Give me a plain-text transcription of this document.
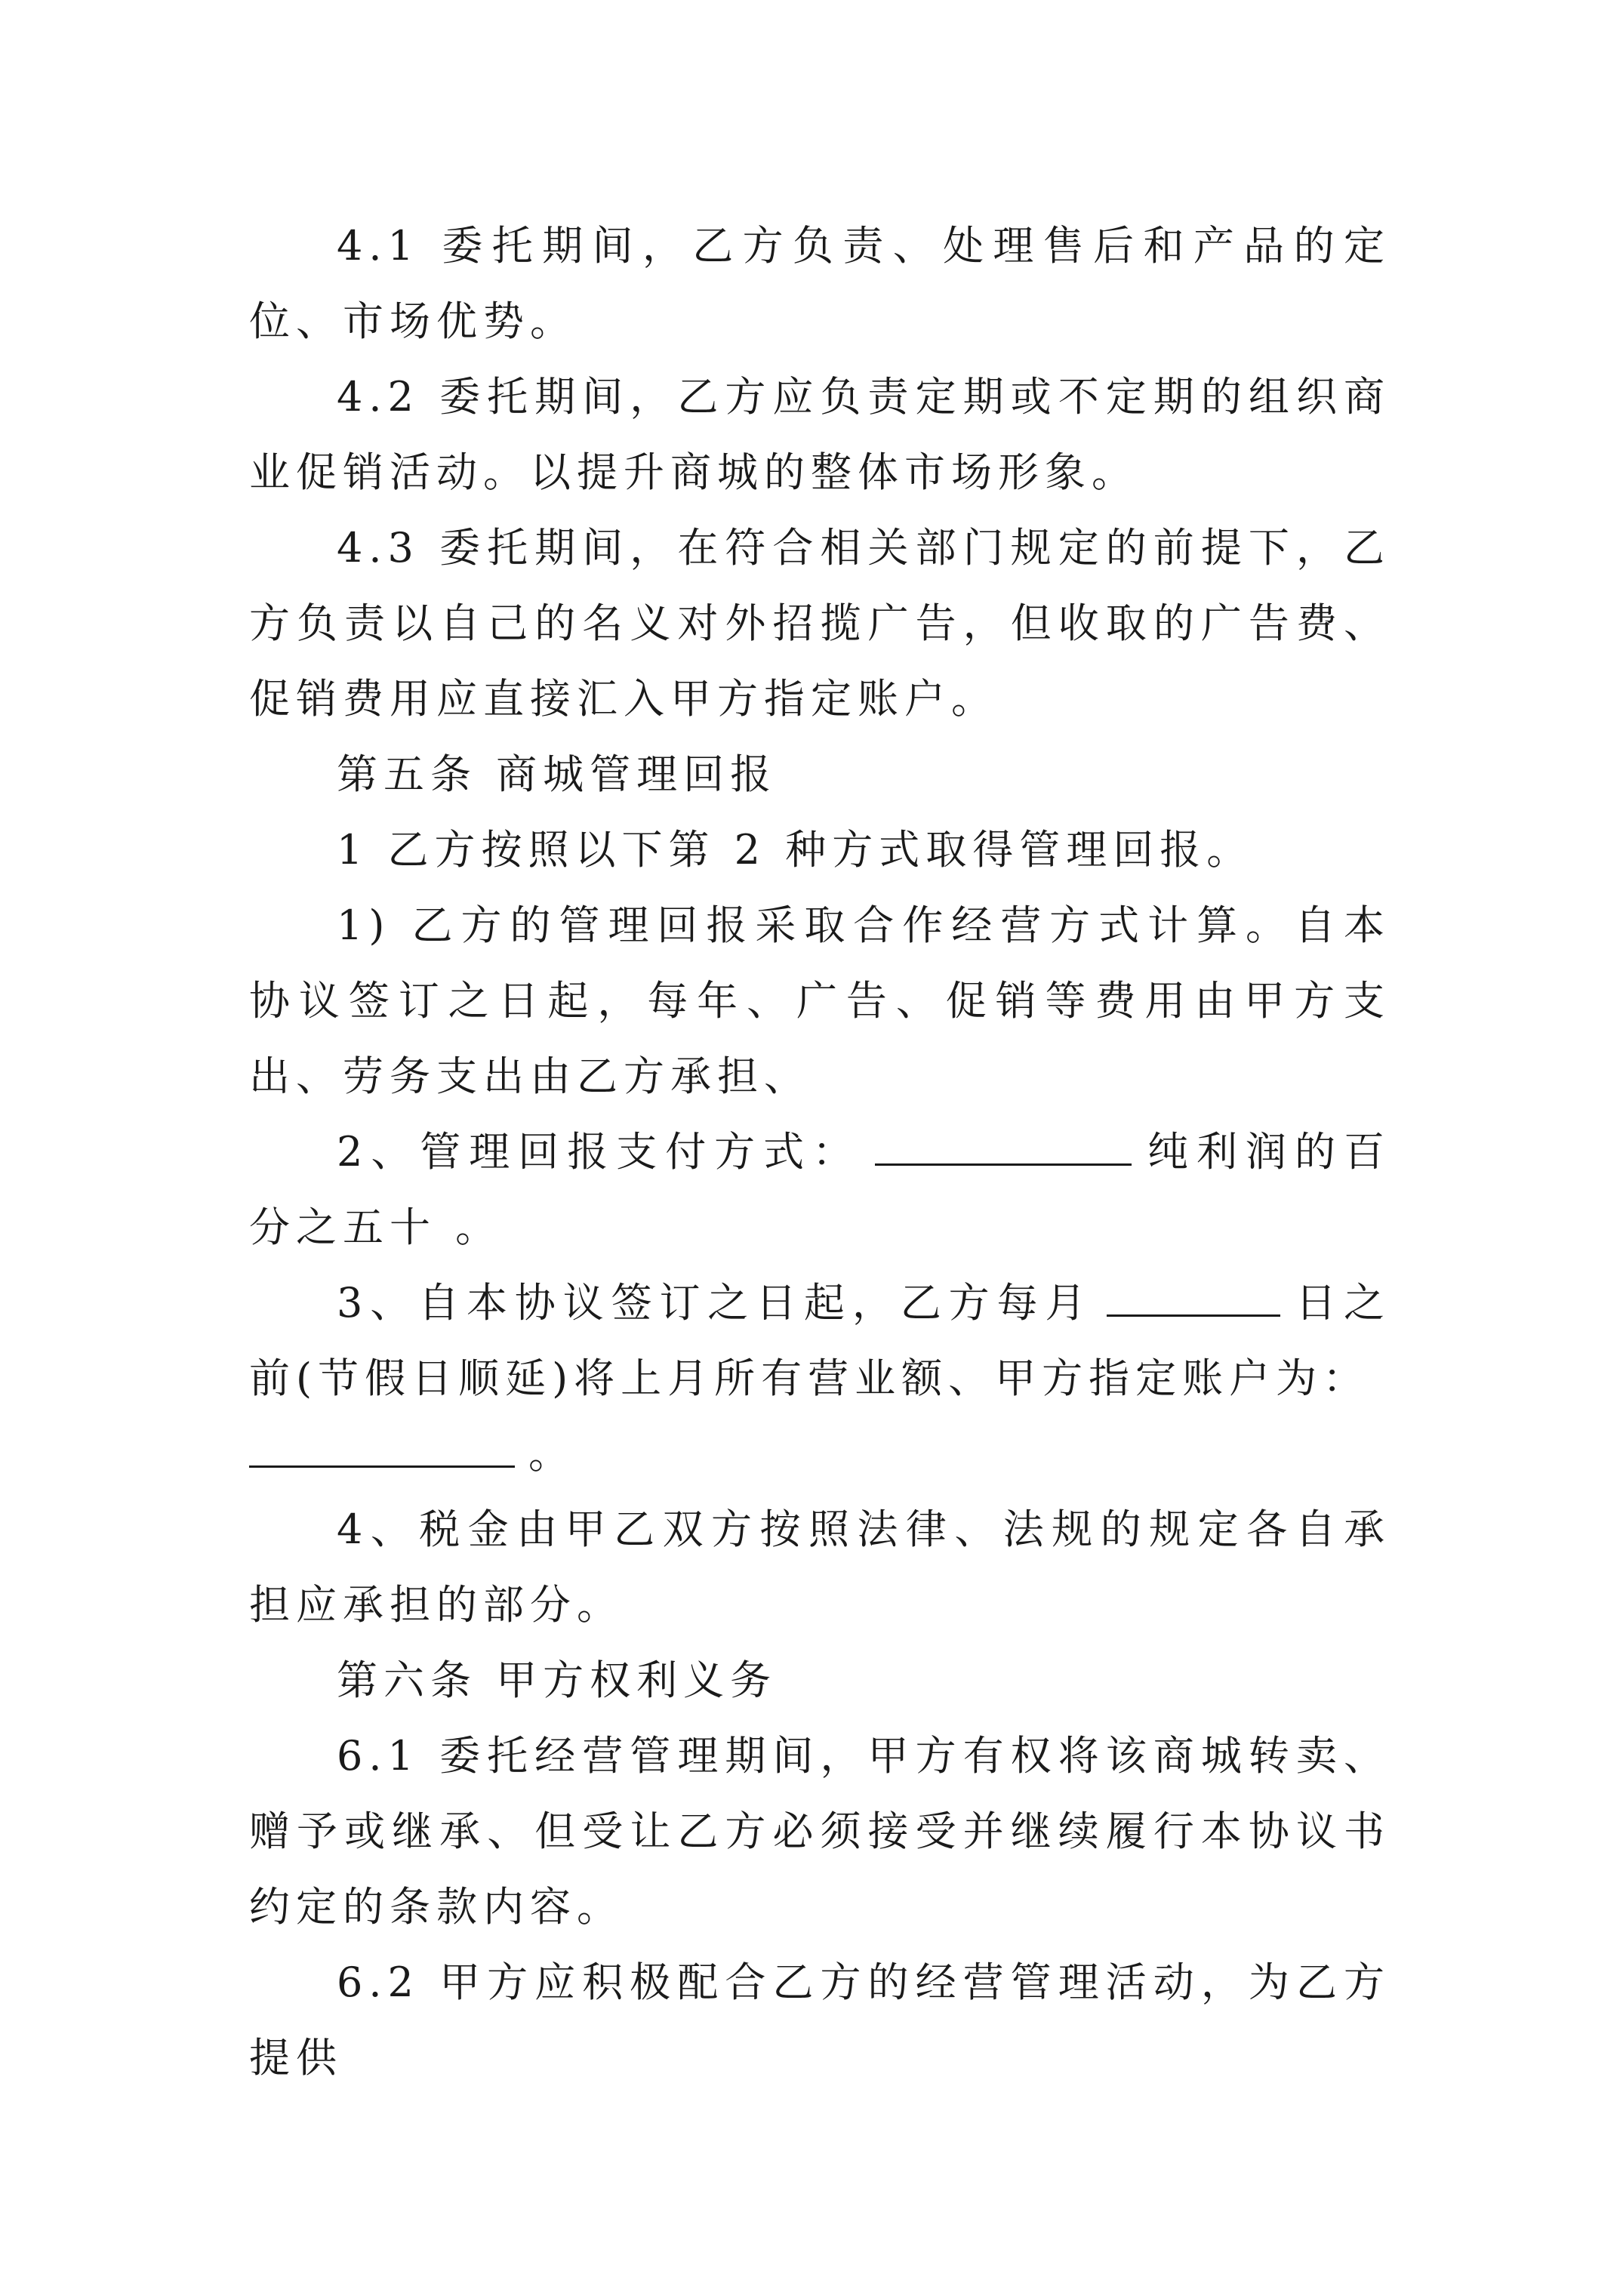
4.1 委托期间，乙方负责、处理售后和产品的定位、市场优势。

4.2 委托期间，乙方应负责定期或不定期的组织商业促销活动。以提升商城的整体市场形象。

4.3 委托期间，在符合相关部门规定的前提下，乙方负责以自己的名义对外招揽广告，但收取的广告费、促销费用应直接汇入甲方指定账户。

第五条 商城管理回报

1 乙方按照以下第 2 种方式取得管理回报。

1) 乙方的管理回报采取合作经营方式计算。自本协议签订之日起，每年、广告、促销等费用由甲方支出、劳务支出由乙方承担、

2、管理回报支付方式：	纯利润的百分之五十 。

3、自本协议签订之日起，乙方每月	日之前(节假日顺延)将上月所有营业额、甲方指定账户为：
。

4、税金由甲乙双方按照法律、法规的规定各自承担应承担的部分。

第六条 甲方权利义务

6.1 委托经营管理期间，甲方有权将该商城转卖、赠予或继承、但受让乙方必须接受并继续履行本协议书约定的条款内容。

6.2 甲方应积极配合乙方的经营管理活动，为乙方提供
